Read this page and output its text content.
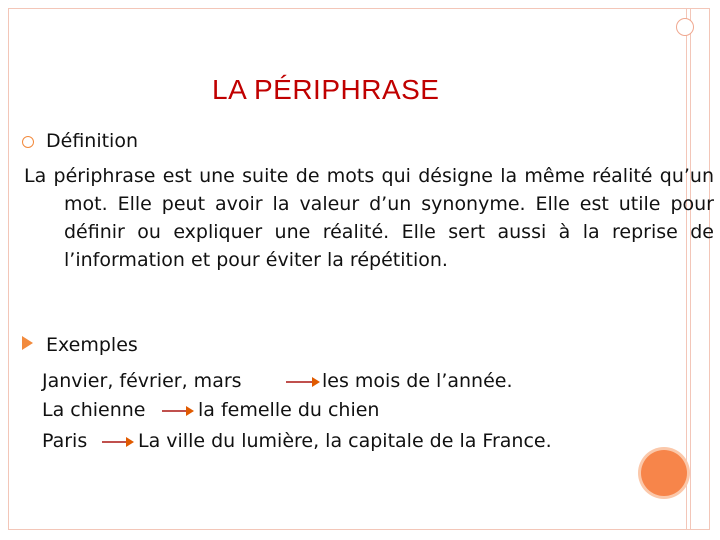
LA PÉRIPHRASE
Définition
La périphrase est une suite de mots qui désigne la même réalité qu’un mot. Elle peut avoir la valeur d’un synonyme. Elle est utile pour définir ou expliquer une réalité. Elle sert aussi à la reprise de l’information et pour éviter la répétition.
Exemples
Janvier, février, mars	les mois de l’année.
La chienne	la femelle du chien
Paris	La ville du lumière, la capitale de la France.
